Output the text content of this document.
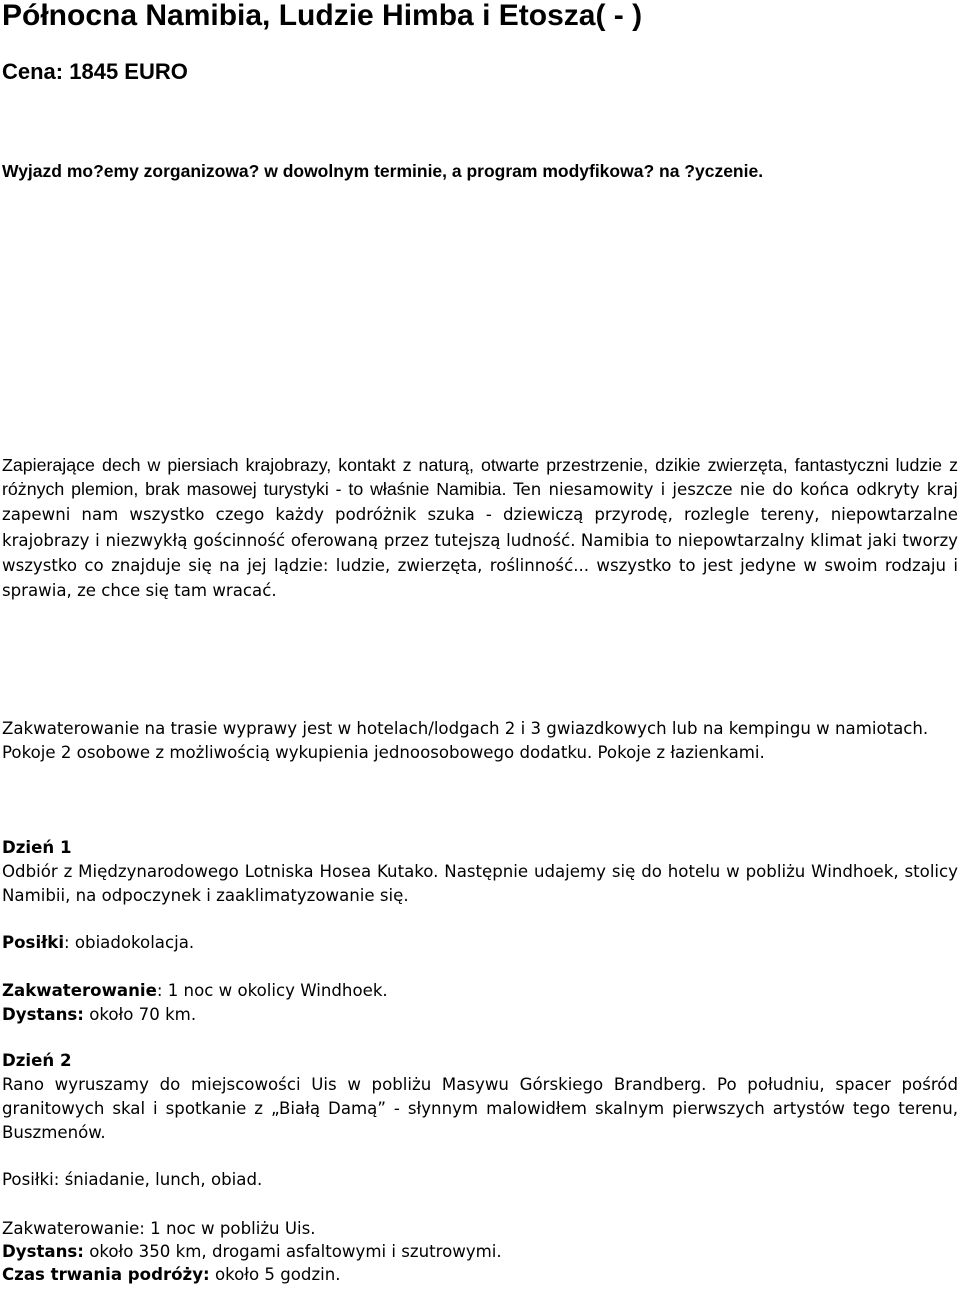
Północna Namibia, Ludzie Himba i Etosza( - )
Cena: 1845 EURO

Wyjazd mo?emy zorganizowa? w dowolnym terminie, a program modyfikowa? na ?yczenie.

Zapierające dech w piersiach krajobrazy, kontakt z naturą, otwarte przestrzenie, dzikie zwierzęta, fantastyczni ludzie z różnych plemion, brak masowej turystyki - to właśnie Namibia. Ten niesamowity i jeszcze nie do końca odkryty kraj zapewni nam wszystko czego każdy podróżnik szuka - dziewiczą przyrodę, rozlegle tereny, niepowtarzalne krajobrazy i niezwykłą gościnność oferowaną przez tutejszą ludność. Namibia to niepowtarzalny klimat jaki tworzy wszystko co znajduje się na jej lądzie: ludzie, zwierzęta, roślinność... wszystko to jest jedyne w swoim rodzaju i sprawia, ze chce się tam wracać.

Zakwaterowanie na trasie wyprawy jest w hotelach/lodgach 2 i 3 gwiazdkowych lub na kempingu w namiotach.
Pokoje 2 osobowe z możliwością wykupienia jednoosobowego dodatku. Pokoje z łazienkami.

Dzień 1

Odbiór z Międzynarodowego Lotniska Hosea Kutako. Następnie udajemy się do hotelu w pobliżu Windhoek, stolicy Namibii, na odpoczynek i zaaklimatyzowanie się.

Posiłki: obiadokolacja.

Zakwaterowanie: 1 noc w okolicy Windhoek.

Dystans: około 70 km.

Dzień 2

Rano wyruszamy do miejscowości Uis w pobliżu Masywu Górskiego Brandberg. Po południu, spacer pośród granitowych skal i spotkanie z „Białą Damą” - słynnym malowidłem skalnym pierwszych artystów tego terenu, Buszmenów.

Posiłki: śniadanie, lunch, obiad.

Zakwaterowanie: 1 noc w pobliżu Uis.

Dystans: około 350 km, drogami asfaltowymi i szutrowymi.

Czas trwania podróży: około 5 godzin.
